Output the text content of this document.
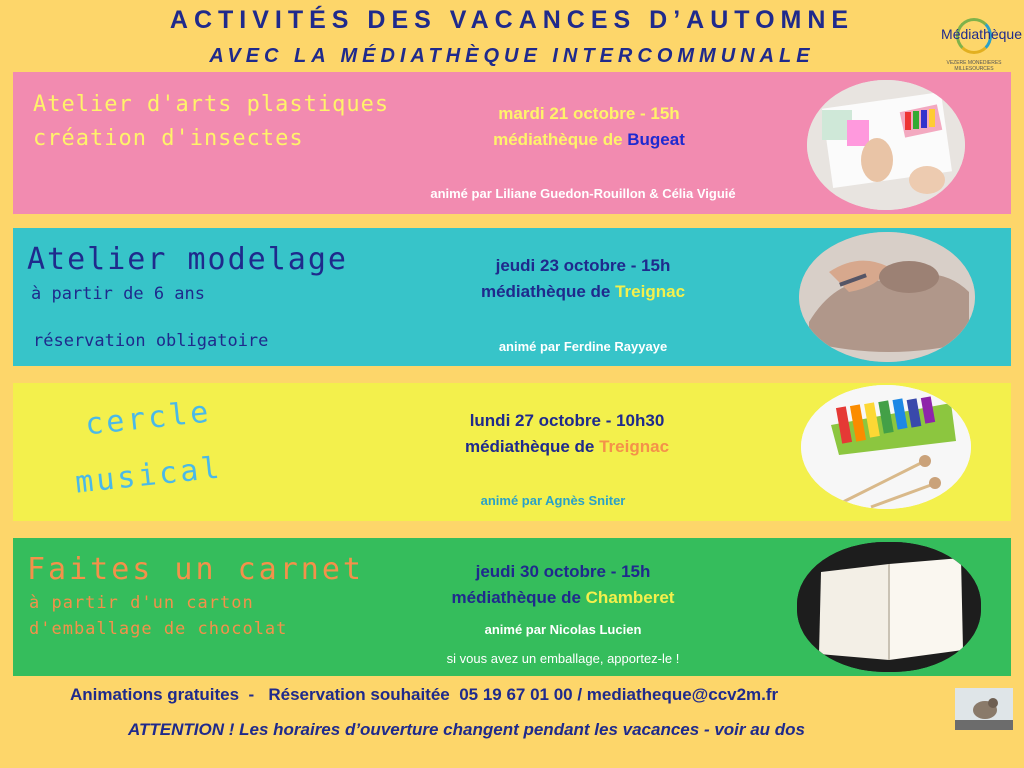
ACTIVITÉS DES VACANCES D’AUTOMNE
AVEC LA MÉDIATHÈQUE INTERCOMMUNALE
Médiathèque
VEZERE MONEDIERES MILLESOURCES
Atelier d'arts plastiques
création d'insectes
mardi 21 octobre - 15h
médiathèque de Bugeat
animé par Liliane Guedon-Rouillon & Célia Viguié
Atelier modelage
à partir de 6 ans
réservation obligatoire
jeudi 23 octobre - 15h
médiathèque de Treignac
animé par Ferdine Rayyaye
cercle
musical
lundi 27 octobre - 10h30
médiathèque de Treignac
animé par Agnès Sniter
Faites un carnet
à partir d'un carton
d'emballage de chocolat
jeudi 30 octobre - 15h
médiathèque de Chamberet
animé par Nicolas Lucien
si vous avez un emballage, apportez-le !
Animations gratuites  -   Réservation souhaitée  05 19 67 01 00 / mediatheque@ccv2m.fr
ATTENTION ! Les horaires d’ouverture changent pendant les vacances - voir au dos
